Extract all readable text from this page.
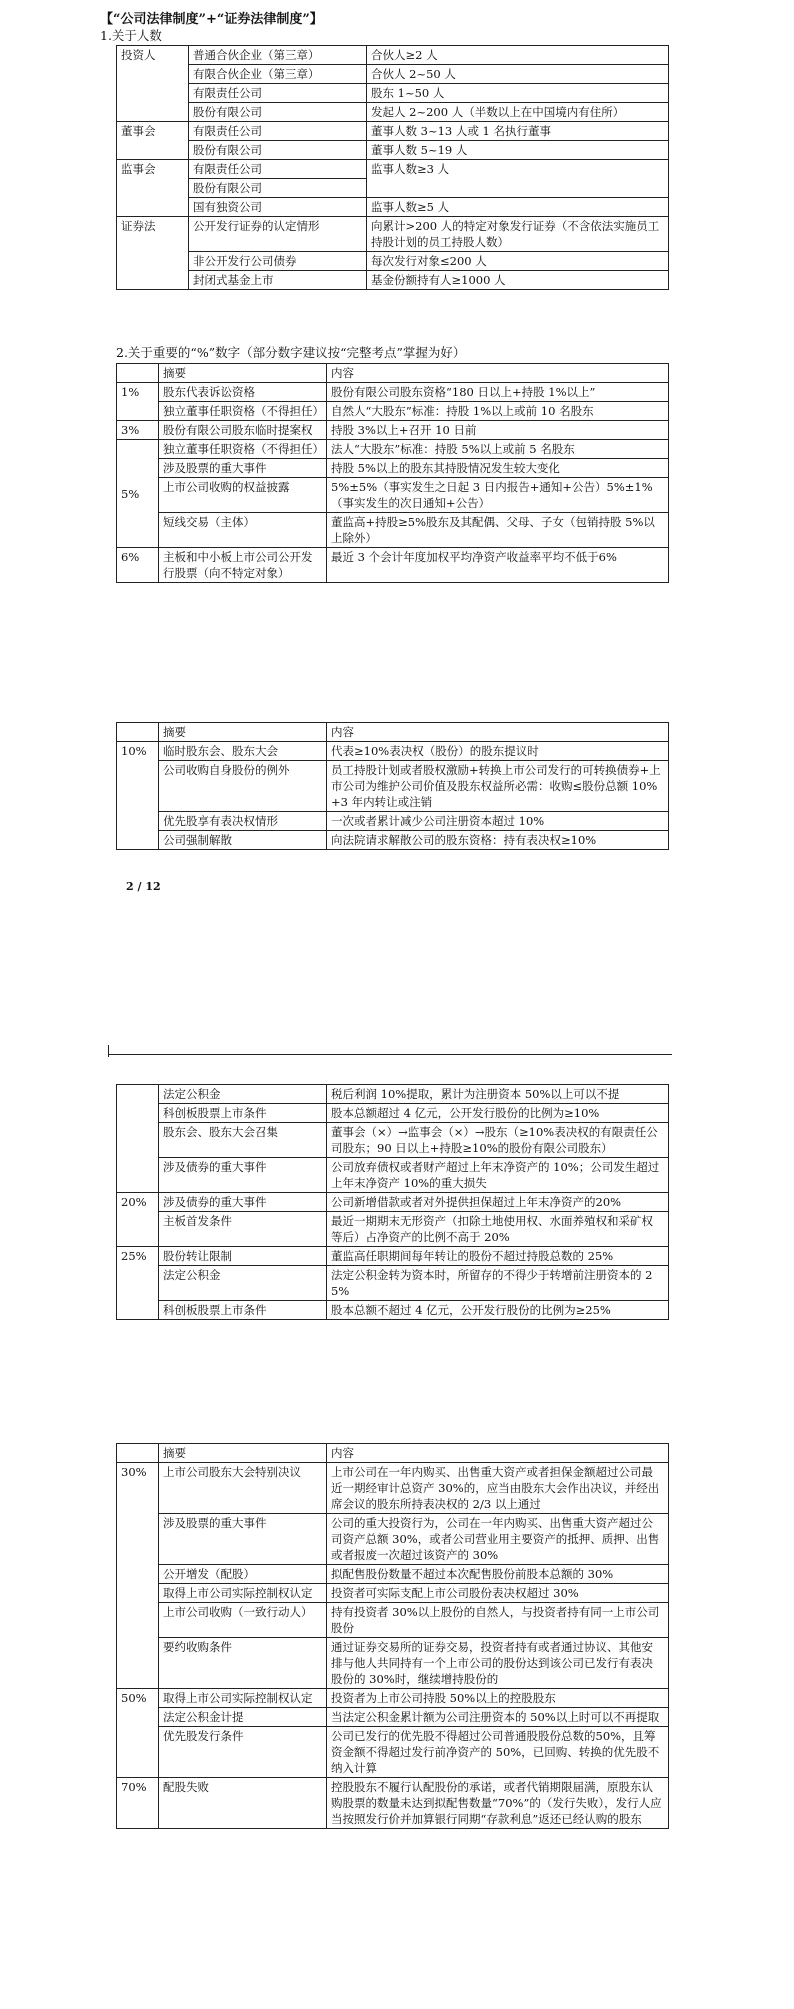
【“公司法律制度”+“证券法律制度”】
1.关于人数
投资人	普通合伙企业（第三章）	合伙人≥2 人
	有限合伙企业（第三章）	合伙人 2~50 人
	有限责任公司	股东 1~50 人
	股份有限公司	发起人 2~200 人（半数以上在中国境内有住所）
董事会	有限责任公司	董事人数 3~13 人或 1 名执行董事
	股份有限公司	董事人数 5~19 人
监事会	有限责任公司	监事人数≥3 人
	股份有限公司	
	国有独资公司	监事人数≥5 人
证券法	公开发行证券的认定情形	向累计>200 人的特定对象发行证券（不含依法实施员工持股计划的员工持股人数）
	非公开发行公司债券	每次发行对象≤200 人
	封闭式基金上市	基金份额持有人≥1000 人
2.关于重要的“%”数字（部分数字建议按“完整考点”掌握为好）
	摘要	内容
1%	股东代表诉讼资格	股份有限公司股东资格“180 日以上+持股 1%以上”
	独立董事任职资格（不得担任）	自然人“大股东”标准：持股 1%以上或前 10 名股东
3%	股份有限公司股东临时提案权	持股 3%以上+召开 10 日前
5%	独立董事任职资格（不得担任）	法人“大股东”标准：持股 5%以上或前 5 名股东
	涉及股票的重大事件	持股 5%以上的股东其持股情况发生较大变化
	上市公司收购的权益披露	5%±5%（事实发生之日起 3 日内报告+通知+公告）5%±1%（事实发生的次日通知+公告）
	短线交易（主体）	董监高+持股≥5%股东及其配偶、父母、子女（包销持股 5%以上除外）
6%	主板和中小板上市公司公开发行股票（向不特定对象）	最近 3 个会计年度加权平均净资产收益率平均不低于6%
	摘要	内容
10%	临时股东会、股东大会	代表≥10%表决权（股份）的股东提议时
	公司收购自身股份的例外	员工持股计划或者股权激励+转换上市公司发行的可转换债券+上市公司为维护公司价值及股东权益所必需：收购≤股份总额 10%+3 年内转让或注销
	优先股享有表决权情形	一次或者累计减少公司注册资本超过 10%
	公司强制解散	向法院请求解散公司的股东资格：持有表决权≥10%
2 / 12
	法定公积金	税后利润 10%提取，累计为注册资本 50%以上可以不提
	科创板股票上市条件	股本总额超过 4 亿元，公开发行股份的比例为≥10%
	股东会、股东大会召集	董事会（×）→监事会（×）→股东（≥10%表决权的有限责任公司股东；90 日以上+持股≥10%的股份有限公司股东）
	涉及债券的重大事件	公司放弃债权或者财产超过上年末净资产的 10%；公司发生超过上年末净资产 10%的重大损失
20%	涉及债券的重大事件	公司新增借款或者对外提供担保超过上年末净资产的20%
	主板首发条件	最近一期期末无形资产（扣除土地使用权、水面养殖权和采矿权等后）占净资产的比例不高于 20%
25%	股份转让限制	董监高任职期间每年转让的股份不超过持股总数的 25%
	法定公积金	法定公积金转为资本时，所留存的不得少于转增前注册资本的 25%
	科创板股票上市条件	股本总额不超过 4 亿元，公开发行股份的比例为≥25%
	摘要	内容
30%	上市公司股东大会特别决议	上市公司在一年内购买、出售重大资产或者担保金额超过公司最近一期经审计总资产 30%的，应当由股东大会作出决议，并经出席会议的股东所持表决权的 2/3 以上通过
	涉及股票的重大事件	公司的重大投资行为，公司在一年内购买、出售重大资产超过公司资产总额 30%，或者公司营业用主要资产的抵押、质押、出售或者报废一次超过该资产的 30%
	公开增发（配股）	拟配售股份数量不超过本次配售股份前股本总额的 30%
	取得上市公司实际控制权认定	投资者可实际支配上市公司股份表决权超过 30%
	上市公司收购（一致行动人）	持有投资者 30%以上股份的自然人，与投资者持有同一上市公司股份
	要约收购条件	通过证券交易所的证券交易，投资者持有或者通过协议、其他安排与他人共同持有一个上市公司的股份达到该公司已发行有表决股份的 30%时，继续增持股份的
50%	取得上市公司实际控制权认定	投资者为上市公司持股 50%以上的控股股东
	法定公积金计提	当法定公积金累计额为公司注册资本的 50%以上时可以不再提取
	优先股发行条件	公司已发行的优先股不得超过公司普通股股份总数的50%，且筹资金额不得超过发行前净资产的 50%，已回购、转换的优先股不纳入计算
70%	配股失败	控股股东不履行认配股份的承诺，或者代销期限届满，原股东认购股票的数量未达到拟配售数量“70%”的（发行失败），发行人应当按照发行价并加算银行同期“存款利息”返还已经认购的股东
